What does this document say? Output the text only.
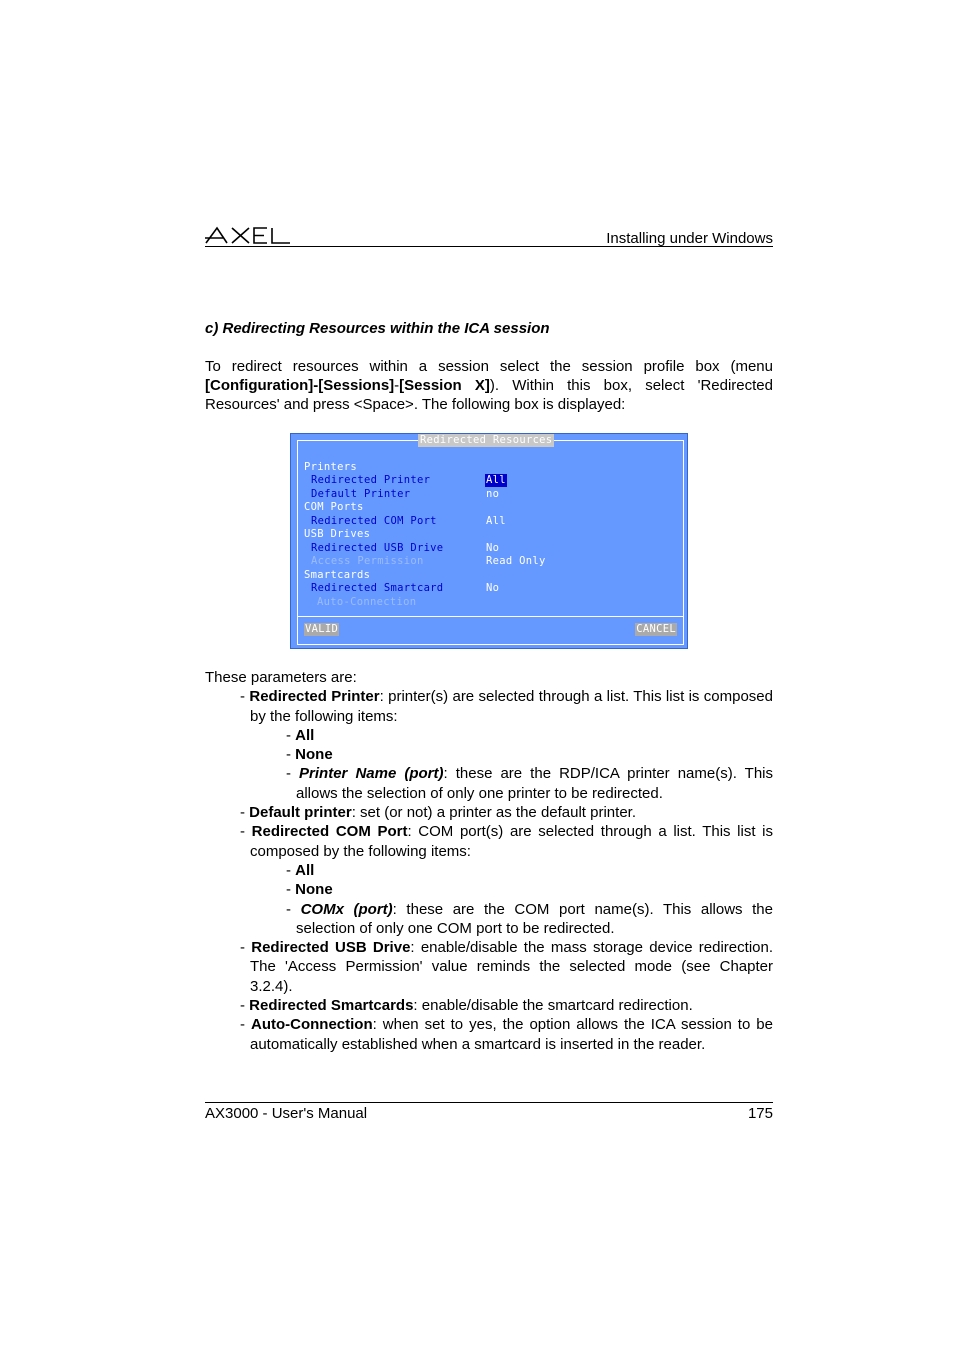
Installing under Windows
c) Redirecting Resources within the ICA session

To redirect resources within a session select the session profile box (menu [Configuration]-[Sessions]-[Session X]). Within this box, select 'Redirected Resources' and press <Space>. The following box is displayed:

Redirected Resources
Printers
Redirected Printer	All
Default Printer	no
COM Ports
Redirected COM Port	All
USB Drives
Redirected USB Drive	No
Access Permission	Read Only
Smartcards
Redirected Smartcard	No
Auto-Connection
VALID	CANCEL

These parameters are:

- Redirected Printer: printer(s) are selected through a list. This list is composed by the following items:

- All

- None

- Printer Name (port): these are the RDP/ICA printer name(s). This allows the selection of only one printer to be redirected.

- Default printer: set (or not) a printer as the default printer.

- Redirected COM Port: COM port(s) are selected through a list. This list is composed by the following items:

- All

- None

- COMx (port): these are the COM port name(s). This allows the selection of only one COM port to be redirected.

- Redirected USB Drive: enable/disable the mass storage device redirection. The 'Access Permission' value reminds the selected mode (see Chapter 3.2.4).

- Redirected Smartcards: enable/disable the smartcard redirection.

- Auto-Connection: when set to yes, the option allows the ICA session to be automatically established when a smartcard is inserted in the reader.

AX3000 - User's Manual	175
